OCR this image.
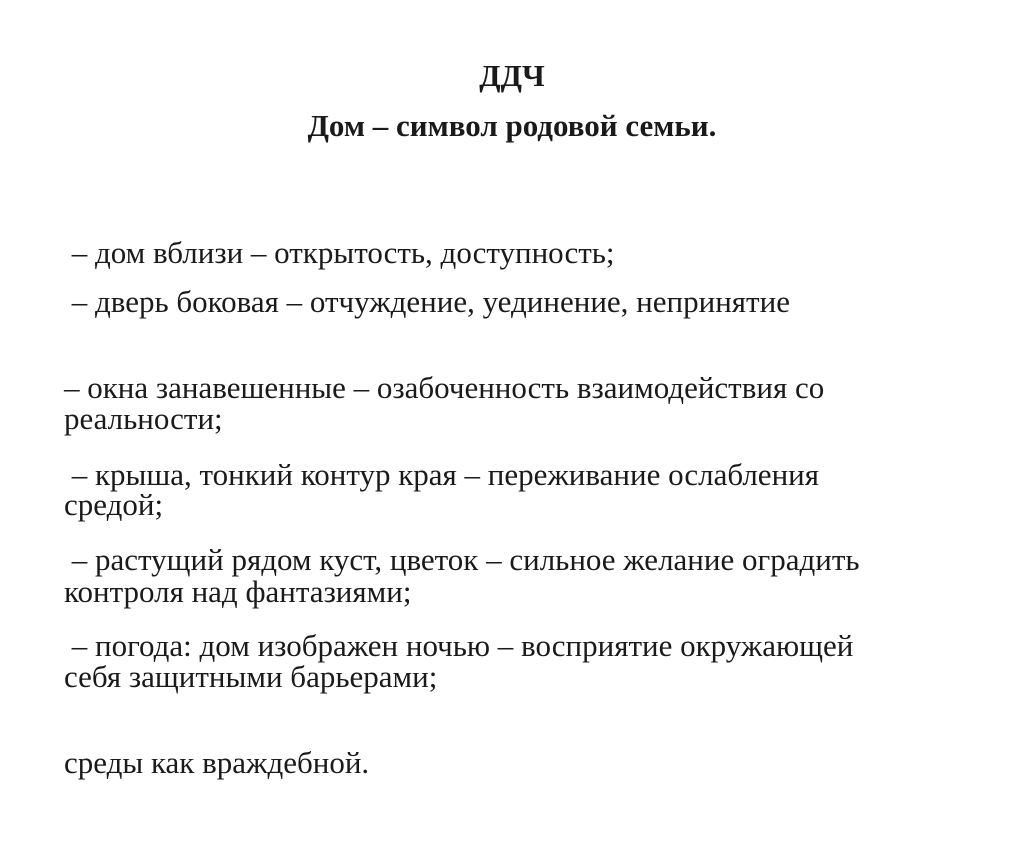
ДДЧ
Дом – символ родовой семьи.

– дом вблизи – открытость, доступность;

– дверь боковая – отчуждение, уединение, непринятие

реальности;

– окна занавешенные – озабоченность взаимодействия со

средой;

– крыша, тонкий контур края – переживание ослабления

контроля над фантазиями;

– растущий рядом куст, цветок – сильное желание оградить

себя защитными барьерами;

– погода: дом изображен ночью – восприятие окружающей

среды как враждебной.
